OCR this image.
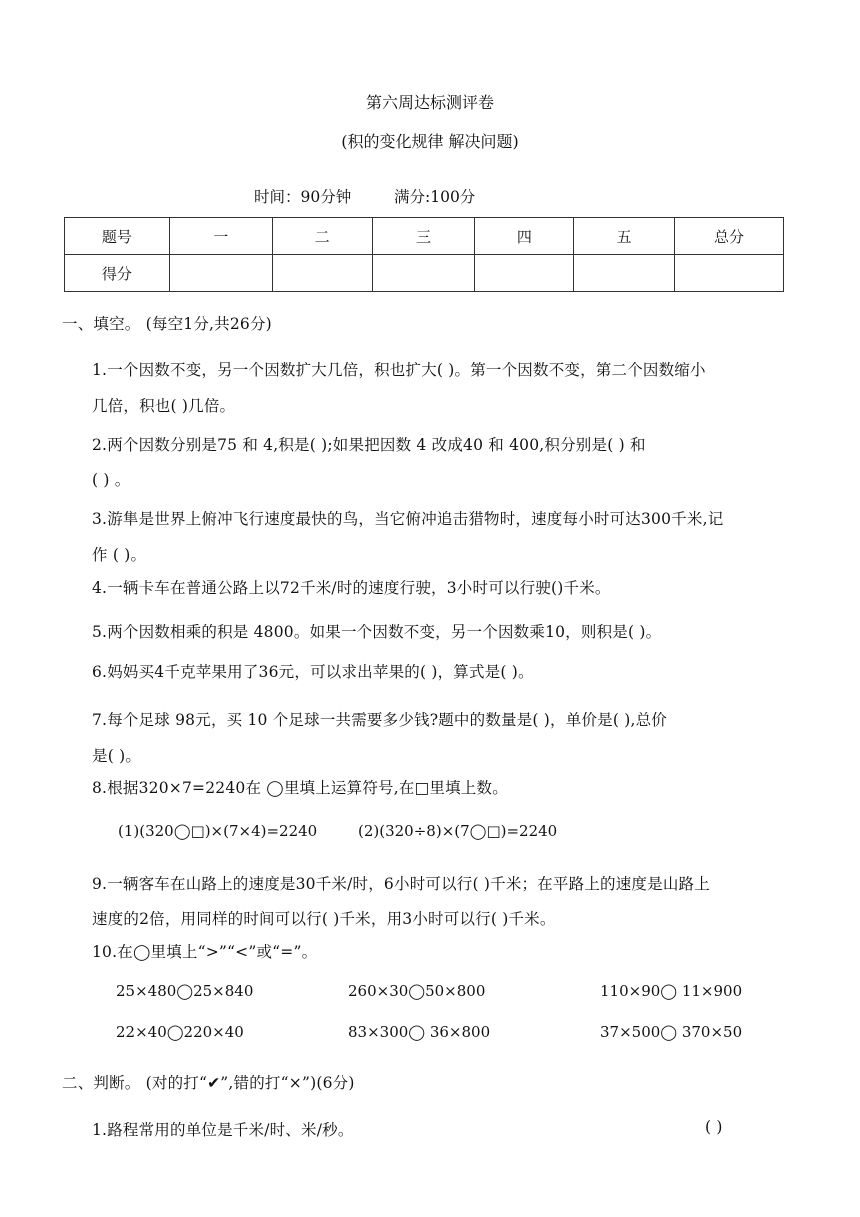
第六周达标测评卷
(积的变化规律 解决问题)
时间：90分钟	满分:100分
题号	一	二	三	四	五	总分
得分						
一、填空。 (每空1分,共26分)
1.一个因数不变，另一个因数扩大几倍，积也扩大( )。第一个因数不变，第二个因数缩小
几倍，积也( )几倍。
2.两个因数分别是75 和 4,积是( );如果把因数 4 改成40 和 400,积分别是( ) 和
( ) 。
3.游隼是世界上俯冲飞行速度最快的鸟，当它俯冲追击猎物时，速度每小时可达300千米,记
作 ( )。
4.一辆卡车在普通公路上以72千米/时的速度行驶，3小时可以行驶()千米。
5.两个因数相乘的积是 4800。如果一个因数不变，另一个因数乘10，则积是( )。
6.妈妈买4千克苹果用了36元，可以求出苹果的( )，算式是( )。
7.每个足球 98元，买 10 个足球一共需要多少钱?题中的数量是( )，单价是( ),总价
是( )。
8.根据320×7=2240在 ◯里填上运算符号,在□里填上数。
(1)(320◯□)×(7×4)=2240	(2)(320÷8)×(7◯□)=2240
9.一辆客车在山路上的速度是30千米/时，6小时可以行( )千米；在平路上的速度是山路上
速度的2倍，用同样的时间可以行( )千米，用3小时可以行( )千米。
10.在◯里填上“>”“<”或“=”。
25×480◯25×840	260×30◯50×800	110×90◯ 11×900
22×40◯220×40	83×300◯ 36×800	37×500◯ 370×50
二、判断。 (对的打“✔”,错的打“×”)(6分)
1.路程常用的单位是千米/时、米/秒。	( )
